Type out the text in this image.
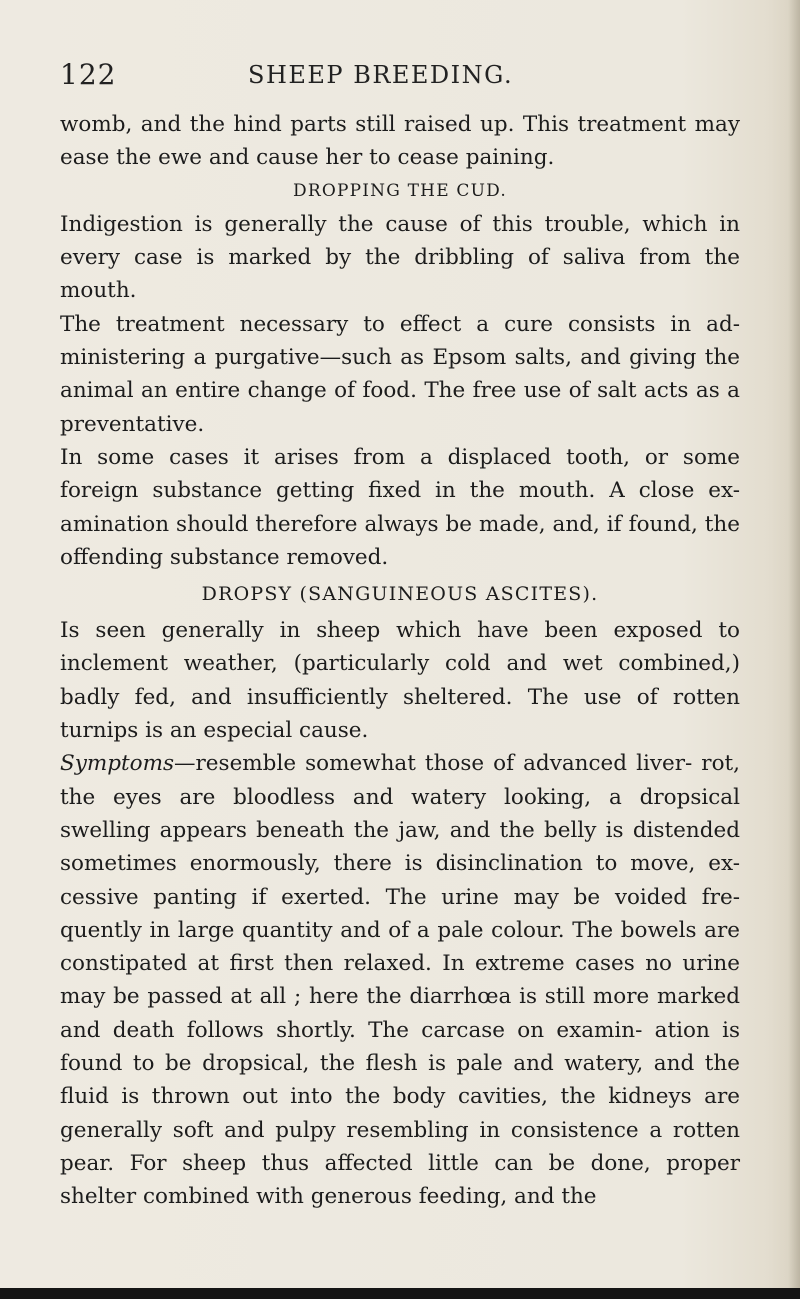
122	SHEEP BREEDING.

womb, and the hind parts still raised up. This treatment may ease the ewe and cause her to cease paining.

DROPPING THE CUD.

Indigestion is generally the cause of this trouble, which in every case is marked by the dribbling of saliva from the mouth.

The treatment necessary to effect a cure consists in ad- ministering a purgative—such as Epsom salts, and giving the animal an entire change of food. The free use of salt acts as a preventative.

In some cases it arises from a displaced tooth, or some foreign substance getting fixed in the mouth. A close ex- amination should therefore always be made, and, if found, the offending substance removed.

DROPSY (SANGUINEOUS ASCITES).

Is seen generally in sheep which have been exposed to inclement weather, (particularly cold and wet combined,) badly fed, and insufficiently sheltered. The use of rotten turnips is an especial cause.

Symptoms—resemble somewhat those of advanced liver- rot, the eyes are bloodless and watery looking, a dropsical swelling appears beneath the jaw, and the belly is distended sometimes enormously, there is disinclination to move, ex- cessive panting if exerted. The urine may be voided fre- quently in large quantity and of a pale colour. The bowels are constipated at first then relaxed. In extreme cases no urine may be passed at all ; here the diarrhœa is still more marked and death follows shortly. The carcase on examin- ation is found to be dropsical, the flesh is pale and watery, and the fluid is thrown out into the body cavities, the kidneys are generally soft and pulpy resembling in consistence a rotten pear. For sheep thus affected little can be done, proper shelter combined with generous feeding, and the
